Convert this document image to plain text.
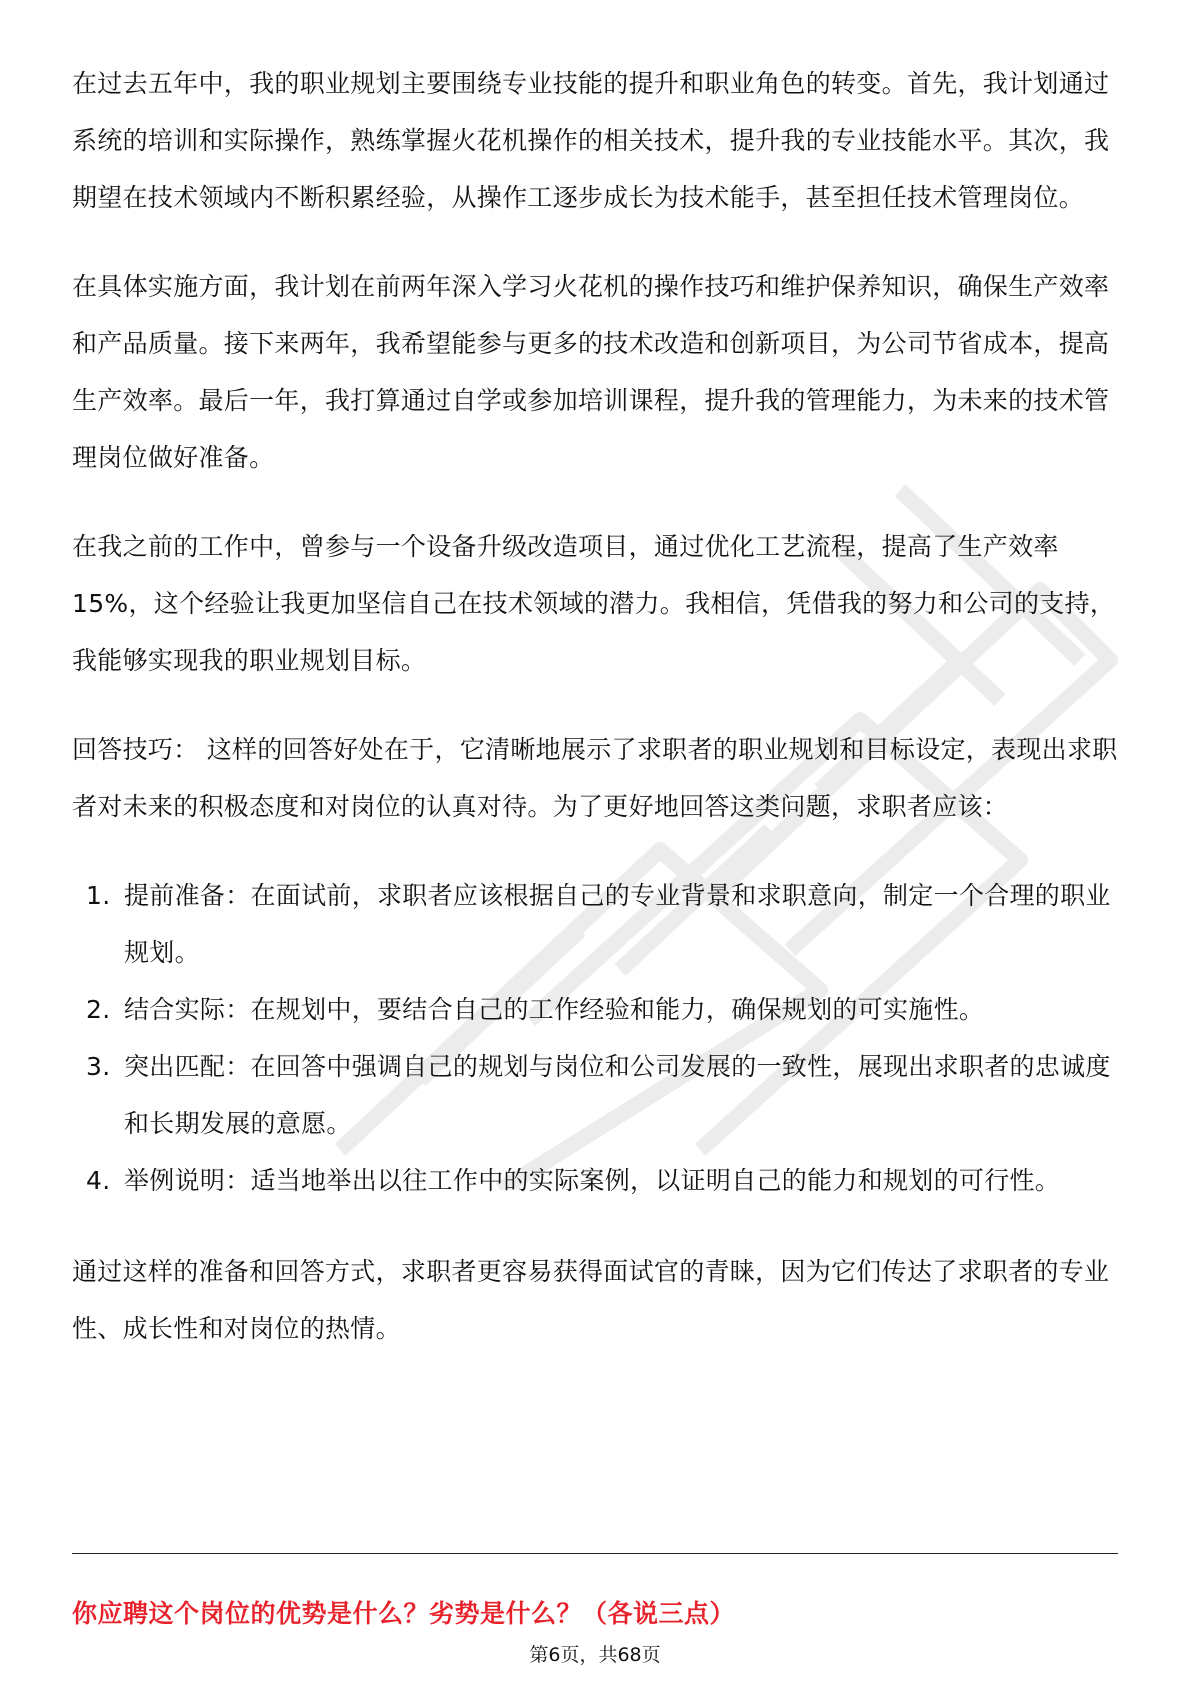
在过去五年中，我的职业规划主要围绕专业技能的提升和职业角色的转变。首先，我计划通过系统的培训和实际操作，熟练掌握火花机操作的相关技术，提升我的专业技能水平。其次，我期望在技术领域内不断积累经验，从操作工逐步成长为技术能手，甚至担任技术管理岗位。

在具体实施方面，我计划在前两年深入学习火花机的操作技巧和维护保养知识，确保生产效率和产品质量。接下来两年，我希望能参与更多的技术改造和创新项目，为公司节省成本，提高生产效率。最后一年，我打算通过自学或参加培训课程，提升我的管理能力，为未来的技术管理岗位做好准备。

在我之前的工作中，曾参与一个设备升级改造项目，通过优化工艺流程，提高了生产效率15%，这个经验让我更加坚信自己在技术领域的潜力。我相信，凭借我的努力和公司的支持，我能够实现我的职业规划目标。

回答技巧： 这样的回答好处在于，它清晰地展示了求职者的职业规划和目标设定，表现出求职者对未来的积极态度和对岗位的认真对待。为了更好地回答这类问题，求职者应该：

1. 提前准备：在面试前，求职者应该根据自己的专业背景和求职意向，制定一个合理的职业规划。
2. 结合实际：在规划中，要结合自己的工作经验和能力，确保规划的可实施性。
3. 突出匹配：在回答中强调自己的规划与岗位和公司发展的一致性，展现出求职者的忠诚度和长期发展的意愿。
4. 举例说明：适当地举出以往工作中的实际案例，以证明自己的能力和规划的可行性。

通过这样的准备和回答方式，求职者更容易获得面试官的青睐，因为它们传达了求职者的专业性、成长性和对岗位的热情。

你应聘这个岗位的优势是什么？劣势是什么？（各说三点）
第6页，共68页
